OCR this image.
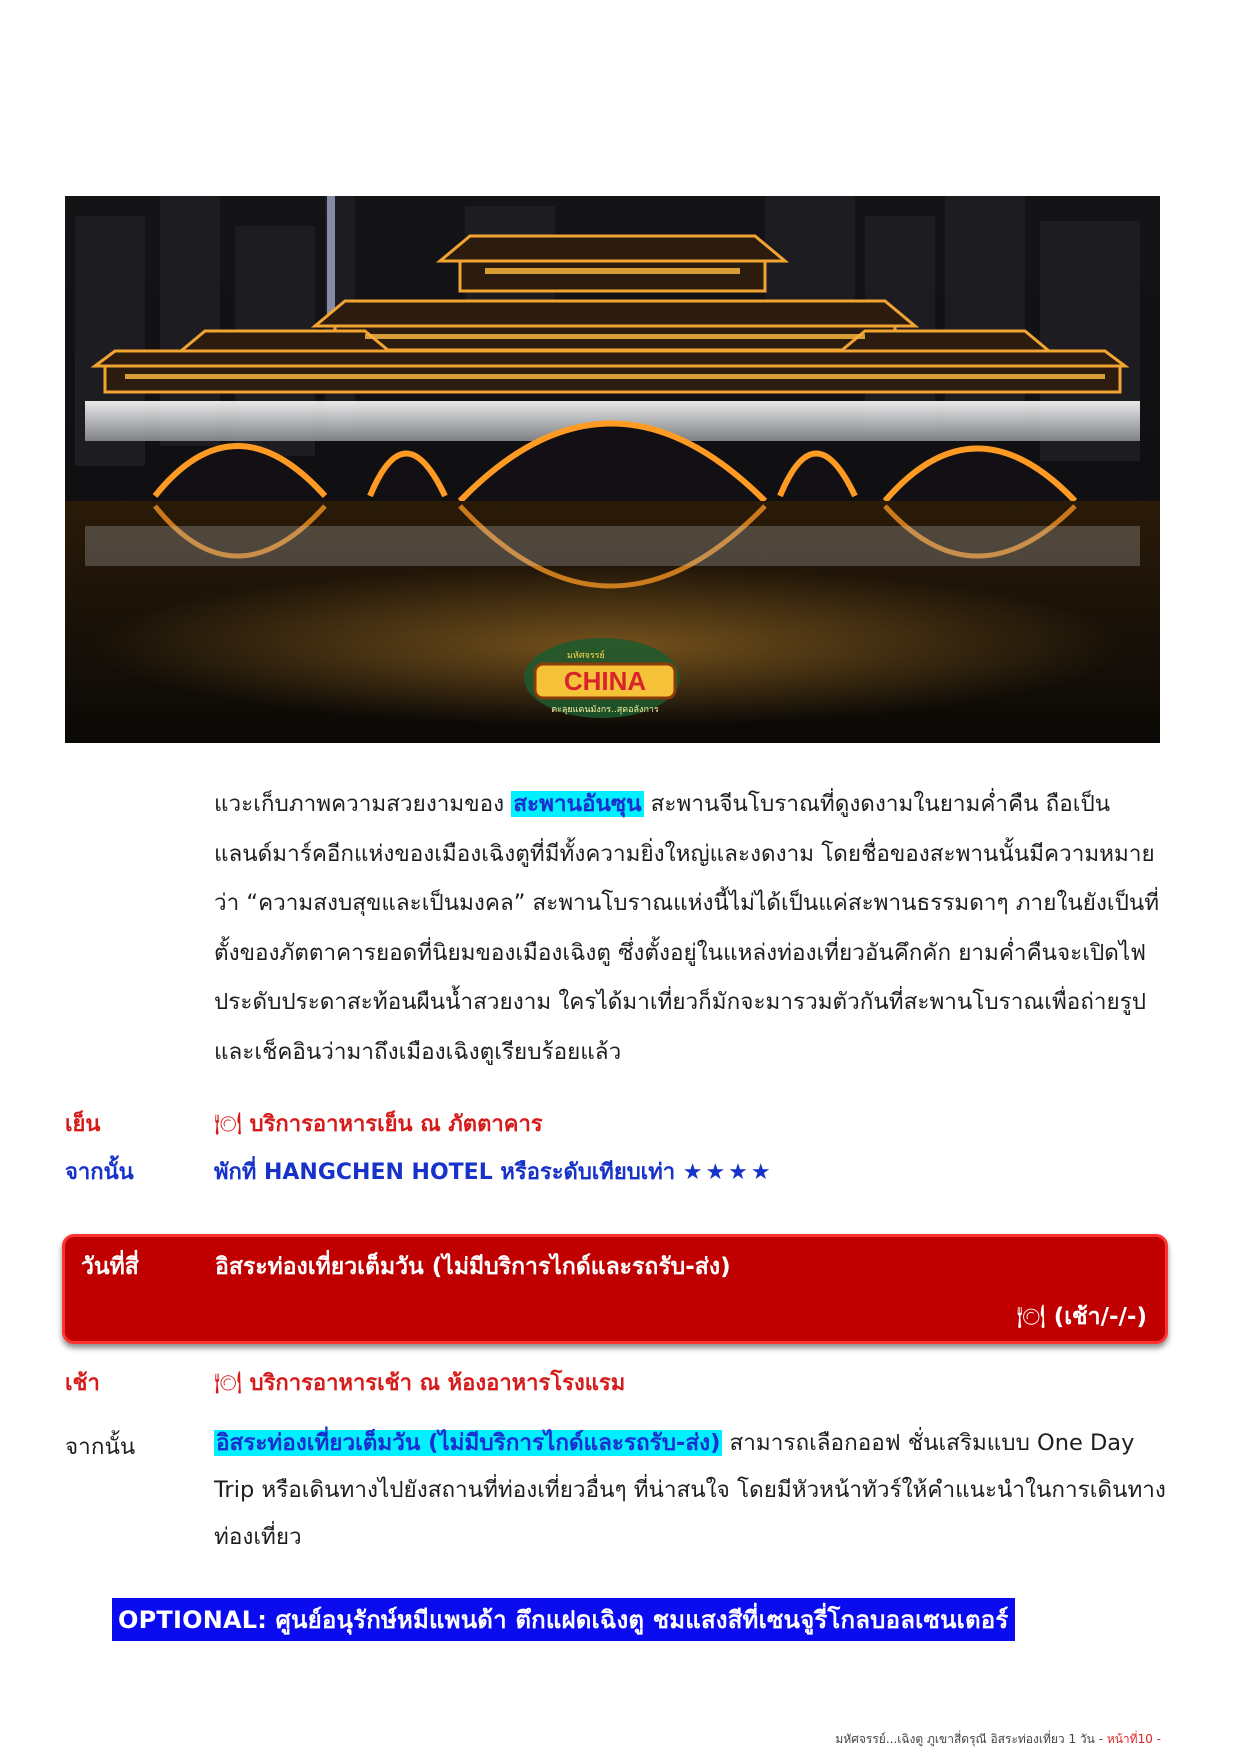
CHINA
มหัศจรรย์
ตะลุยแดนมังกร..สุดอลังการ
แวะเก็บภาพความสวยงามของ สะพานอันซุน สะพานจีนโบราณที่ดูงดงามในยามค่ำคืน ถือเป็นแลนด์มาร์คอีกแห่งของเมืองเฉิงตูที่มีทั้งความยิ่งใหญ่และงดงาม โดยชื่อของสะพานนั้นมีความหมายว่า “ความสงบสุขและเป็นมงคล” สะพานโบราณแห่งนี้ไม่ได้เป็นแค่สะพานธรรมดาๆ ภายในยังเป็นที่ตั้งของภัตตาคารยอดที่นิยมของเมืองเฉิงตู ซึ่งตั้งอยู่ในแหล่งท่องเที่ยวอันคึกคัก ยามค่ำคืนจะเปิดไฟประดับประดาสะท้อนผืนน้ำสวยงาม ใครได้มาเที่ยวก็มักจะมารวมตัวกันที่สะพานโบราณเพื่อถ่ายรูป และเช็คอินว่ามาถึงเมืองเฉิงตูเรียบร้อยแล้ว
เย็น	🍽 บริการอาหารเย็น ณ ภัตตาคาร
จากนั้น	พักที่ HANGCHEN HOTEL หรือระดับเทียบเท่า ★★★★
วันที่สี่	อิสระท่องเที่ยวเต็มวัน (ไม่มีบริการไกด์และรถรับ-ส่ง)
🍽 (เช้า/-/-)
เช้า	🍽 บริการอาหารเช้า ณ ห้องอาหารโรงแรม
จากนั้น	อิสระท่องเที่ยวเต็มวัน (ไม่มีบริการไกด์และรถรับ-ส่ง) สามารถเลือกออฟ ชั่นเสริมแบบ One Day Trip หรือเดินทางไปยังสถานที่ท่องเที่ยวอื่นๆ ที่น่าสนใจ โดยมีหัวหน้าทัวร์ให้คำแนะนำในการเดินทางท่องเที่ยว
OPTIONAL: ศูนย์อนุรักษ์หมีแพนด้า ตึกแฝดเฉิงตู ชมแสงสีที่เซนจูรี่โกลบอลเซนเตอร์
มหัศจรรย์...เฉิงตู ภูเขาสี่ดรุณี อิสระท่องเที่ยว 1 วัน - หน้าที่10 -
